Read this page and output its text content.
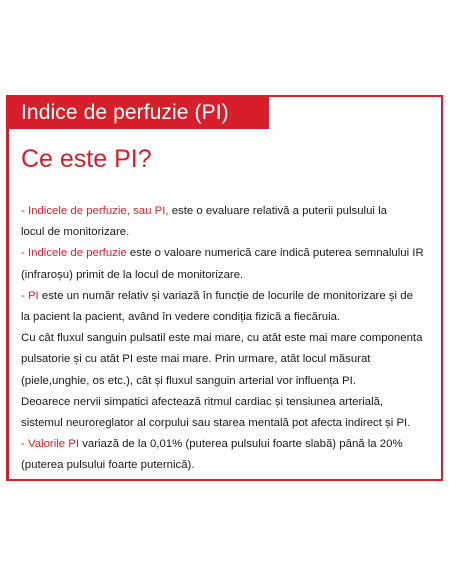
Indice de perfuzie (PI)
Ce este PI?

- Indicele de perfuzie, sau PI, este o evaluare relativă a puterii pulsului la
locul de monitorizare.
- Indicele de perfuzie este o valoare numerică care indică puterea semnalului IR
(infraroșu) primit de la locul de monitorizare.
- PI este un număr relativ și variază în funcție de locurile de monitorizare și de
la pacient la pacient, având în vedere condiția fizică a fiecăruia.
Cu cât fluxul sanguin pulsatil este mai mare, cu atât este mai mare componenta
pulsatorie și cu atât PI este mai mare. Prin urmare, atât locul măsurat
(piele,unghie, os etc.), cât și fluxul sanguin arterial vor influența PI.
Deoarece nervii simpatici afectează ritmul cardiac și tensiunea arterială,
sistemul neuroreglator al corpului sau starea mentală pot afecta indirect și PI.
- Valorile PI variază de la 0,01% (puterea pulsului foarte slabă) până la 20%
(puterea pulsului foarte puternică).
